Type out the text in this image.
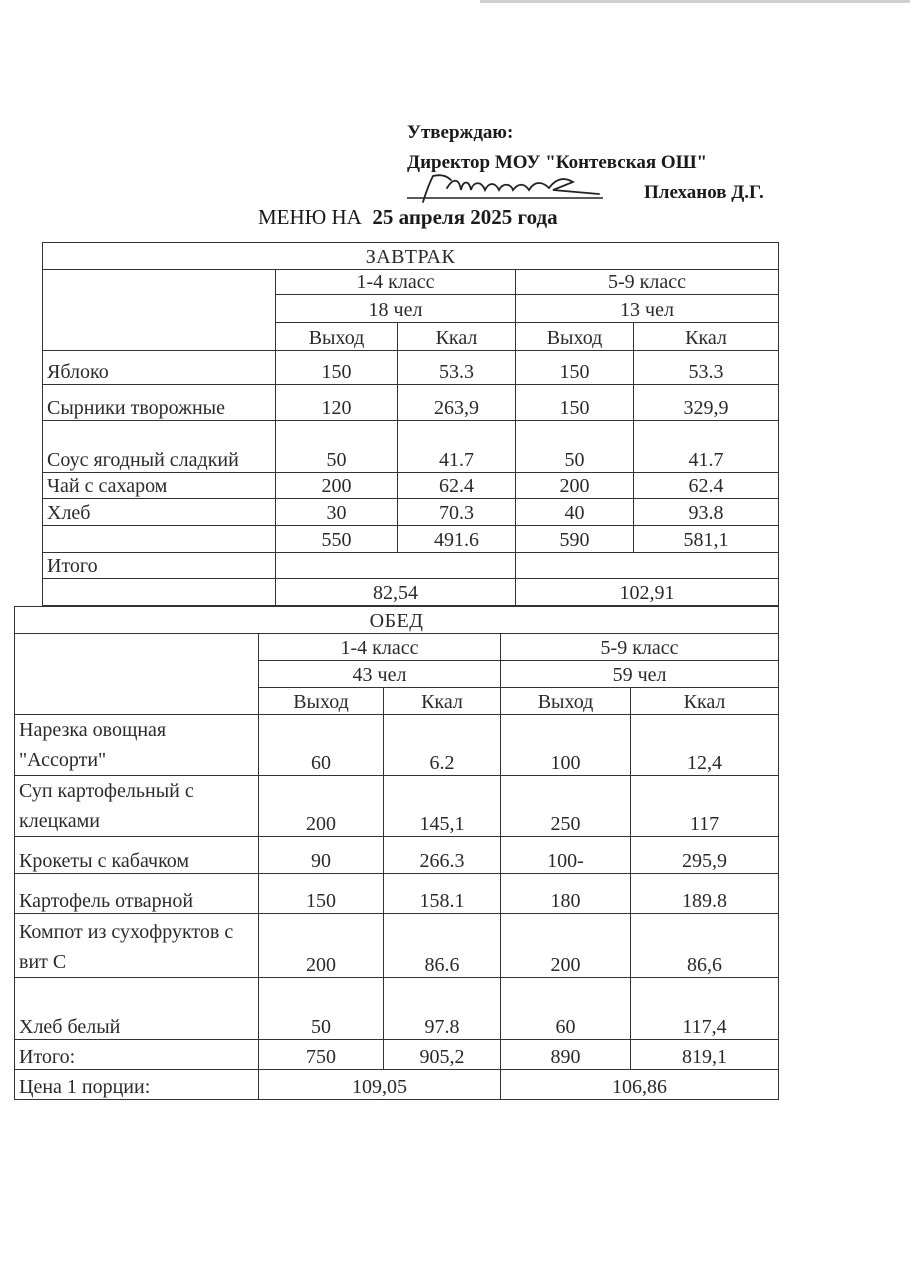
Утверждаю:
Директор МОУ "Контевская ОШ"
Плеханов Д.Г.
МЕНЮ НА 25 апреля 2025 года
ЗАВТРАК				
	1-4 класс		5-9 класс	
	18 чел		13 чел	
	Выход	Ккал	Выход	Ккал
Яблоко	150	53.3	150	53.3
Сырники творожные	120	263,9	150	329,9
Соус ягодный сладкий	50	41.7	50	41.7
Чай с сахаром	200	62.4	200	62.4
Хлеб	30	70.3	40	93.8
	550	491.6	590	581,1
Итого				
	82,54		102,91	
ОБЕД				
	1-4 класс		5-9 класс	
	43 чел		59 чел	
	Выход	Ккал	Выход	Ккал
Нарезка овощная "Ассорти"	60	6.2	100	12,4
Суп картофельный с клецками	200	145,1	250	117
Крокеты с кабачком	90	266.3	100-	295,9
Картофель отварной	150	158.1	180	189.8
Компот из сухофруктов с вит С	200	86.6	200	86,6
Хлеб белый	50	97.8	60	117,4
Итого:	750	905,2	890	819,1
Цена 1 порции:	109,05		106,86	
